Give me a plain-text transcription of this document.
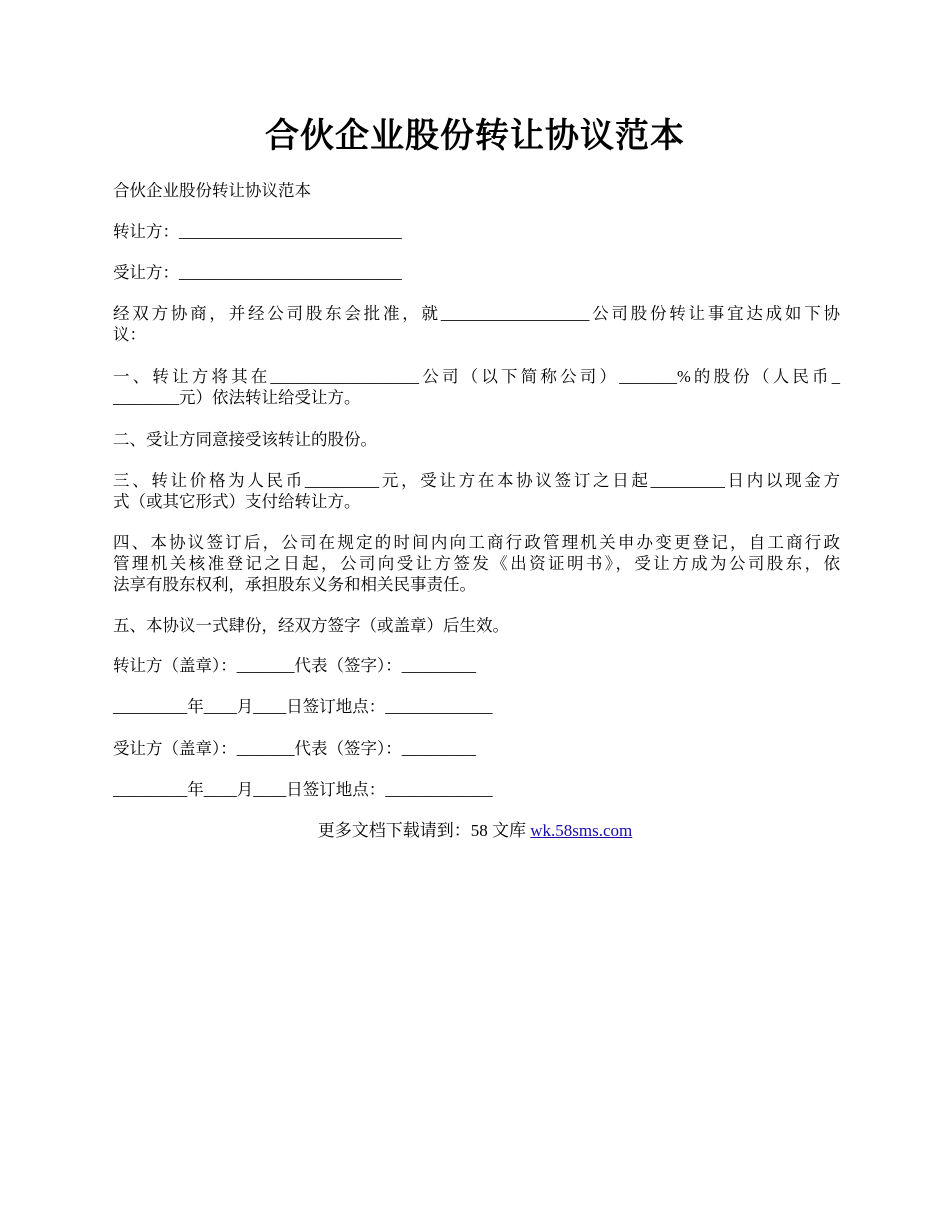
合伙企业股份转让协议范本

合伙企业股份转让协议范本

转让方：___________________________

受让方：___________________________

经双方协商，并经公司股东会批准，就__________________公司股份转让事宜达成如下协
议：

一、转让方将其在__________________公司（以下简称公司）_______%的股份（人民币_
________元）依法转让给受让方。

二、受让方同意接受该转让的股份。

三、转让价格为人民币_________元，受让方在本协议签订之日起_________日内以现金方
式（或其它形式）支付给转让方。

四、本协议签订后，公司在规定的时间内向工商行政管理机关申办变更登记，自工商行政
管理机关核准登记之日起，公司向受让方签发《出资证明书》，受让方成为公司股东，依
法享有股东权利，承担股东义务和相关民事责任。

五、本协议一式肆份，经双方签字（或盖章）后生效。

转让方（盖章）：_______代表（签字）：_________

_________年____月____日签订地点：_____________

受让方（盖章）：_______代表（签字）：_________

_________年____月____日签订地点：_____________

更多文档下载请到：58 文库 wk.58sms.com
